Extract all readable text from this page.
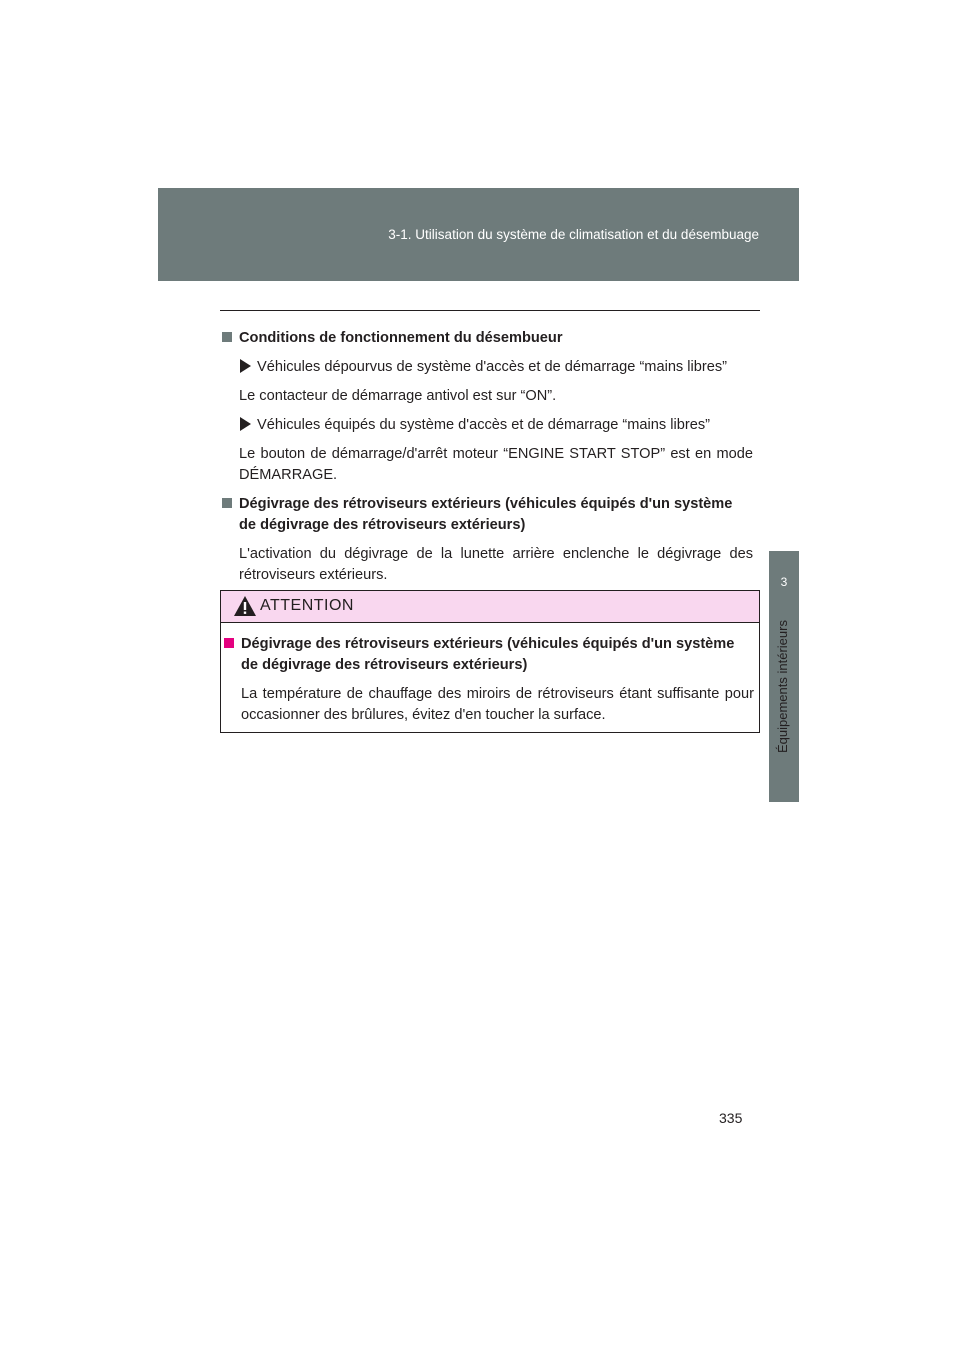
3-1. Utilisation du système de climatisation et du désembuage
3
Équipements intérieurs

Conditions de fonctionnement du désembueur

Véhicules dépourvus de système d'accès et de démarrage “mains libres”

Le contacteur de démarrage antivol est sur “ON”.

Véhicules équipés du système d'accès et de démarrage “mains libres”

Le bouton de démarrage/d'arrêt moteur “ENGINE START STOP” est en mode DÉMARRAGE.

Dégivrage des rétroviseurs extérieurs (véhicules équipés d'un système de dégivrage des rétroviseurs extérieurs)

L'activation du dégivrage de la lunette arrière enclenche le dégivrage des rétroviseurs extérieurs.

ATTENTION

Dégivrage des rétroviseurs extérieurs (véhicules équipés d'un système de dégivrage des rétroviseurs extérieurs)

La température de chauffage des miroirs de rétroviseurs étant suffisante pour occasionner des brûlures, évitez d'en toucher la surface.

335
